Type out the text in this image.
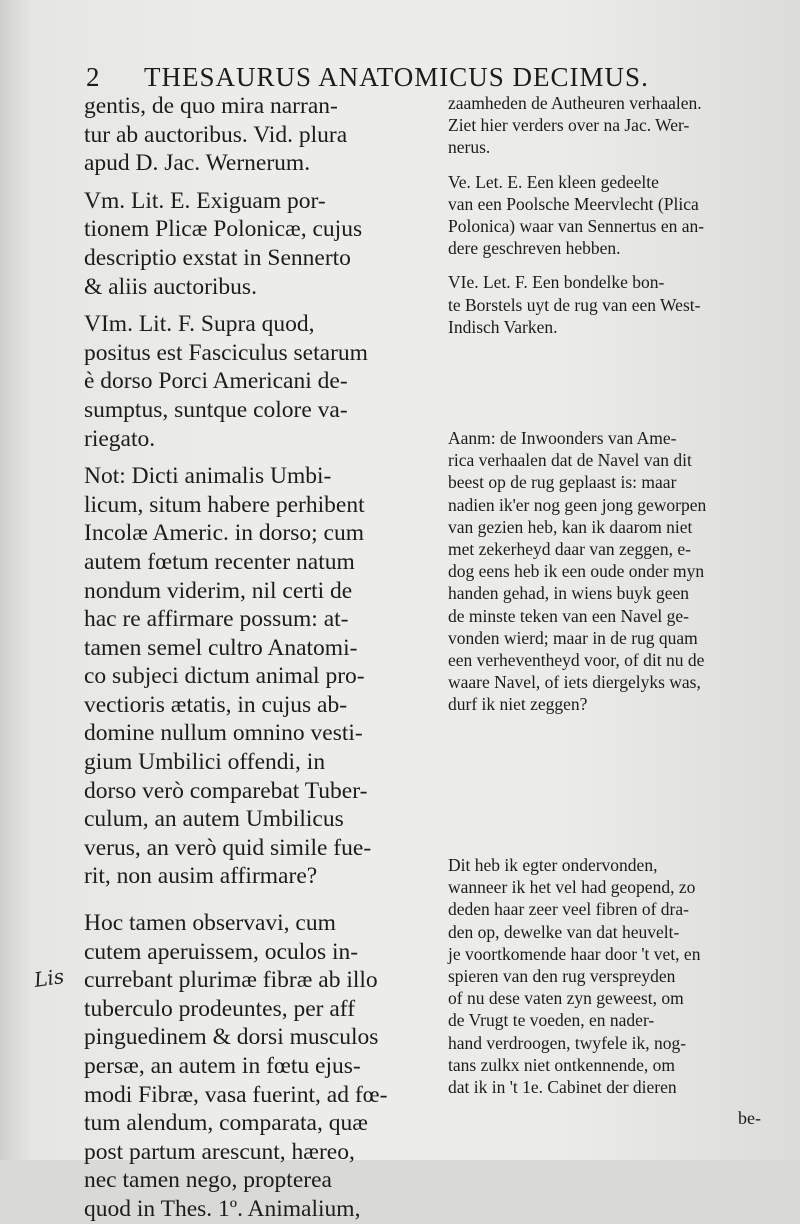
2 THESAURUS ANATOMICUS DECIMUS.
gentis, de quo mira narran-
tur ab auctoribus. Vid. plura
apud D. Jac. Wernerum.
Vm. Lit. E. Exiguam por-
tionem Plicæ Polonicæ, cujus
descriptio exstat in Sennerto
& aliis auctoribus.
VIm. Lit. F. Supra quod,
positus est Fasciculus setarum
è dorso Porci Americani de-
sumptus, suntque colore va-
riegato.
Not: Dicti animalis Umbi-
licum, situm habere perhibent
Incolæ Americ. in dorso; cum
autem fœtum recenter natum
nondum viderim, nil certi de
hac re affirmare possum: at-
tamen semel cultro Anatomi-
co subjeci dictum animal pro-
vectioris ætatis, in cujus ab-
domine nullum omnino vesti-
gium Umbilici offendi, in
dorso verò comparebat Tuber-
culum, an autem Umbilicus
verus, an verò quid simile fue-
rit, non ausim affirmare?
Hoc tamen observavi, cum
cutem aperuissem, oculos in-
currebant plurimæ fibræ ab illo
tuberculo prodeuntes, per aff
pinguedinem & dorsi musculos
persæ, an autem in fœtu ejus-
modi Fibræ, vasa fuerint, ad fœ-
tum alendum, comparata, quæ
post partum arescunt, hæreo,
nec tamen nego, propterea
quod in Thes. 1º. Animalium,
zaamheden de Autheuren verhaalen.
Ziet hier verders over na Jac. Wer-
nerus.
Ve. Let. E. Een kleen gedeelte
van een Poolsche Meervlecht (Plica
Polonica) waar van Sennertus en an-
dere geschreven hebben.
VIe. Let. F. Een bondelke bon-
te Borstels uyt de rug van een West-
Indisch Varken.
Aanm: de Inwoonders van Ame-
rica verhaalen dat de Navel van dit
beest op de rug geplaast is: maar
nadien ik'er nog geen jong geworpen
van gezien heb, kan ik daarom niet
met zekerheyd daar van zeggen, e-
dog eens heb ik een oude onder myn
handen gehad, in wiens buyk geen
de minste teken van een Navel ge-
vonden wierd; maar in de rug quam
een verheventheyd voor, of dit nu de
waare Navel, of iets diergelyks was,
durf ik niet zeggen?
Dit heb ik egter ondervonden,
wanneer ik het vel had geopend, zo
deden haar zeer veel fibren of dra-
den op, dewelke van dat heuvelt-
je voortkomende haar door 't vet, en
spieren van den rug verspreyden
of nu dese vaten zyn geweest, om
de Vrugt te voeden, en nader-
hand verdroogen, twyfele ik, nog-
tans zulkx niet ontkennende, om
dat ik in 't 1e. Cabinet der dieren
Lis
be-
